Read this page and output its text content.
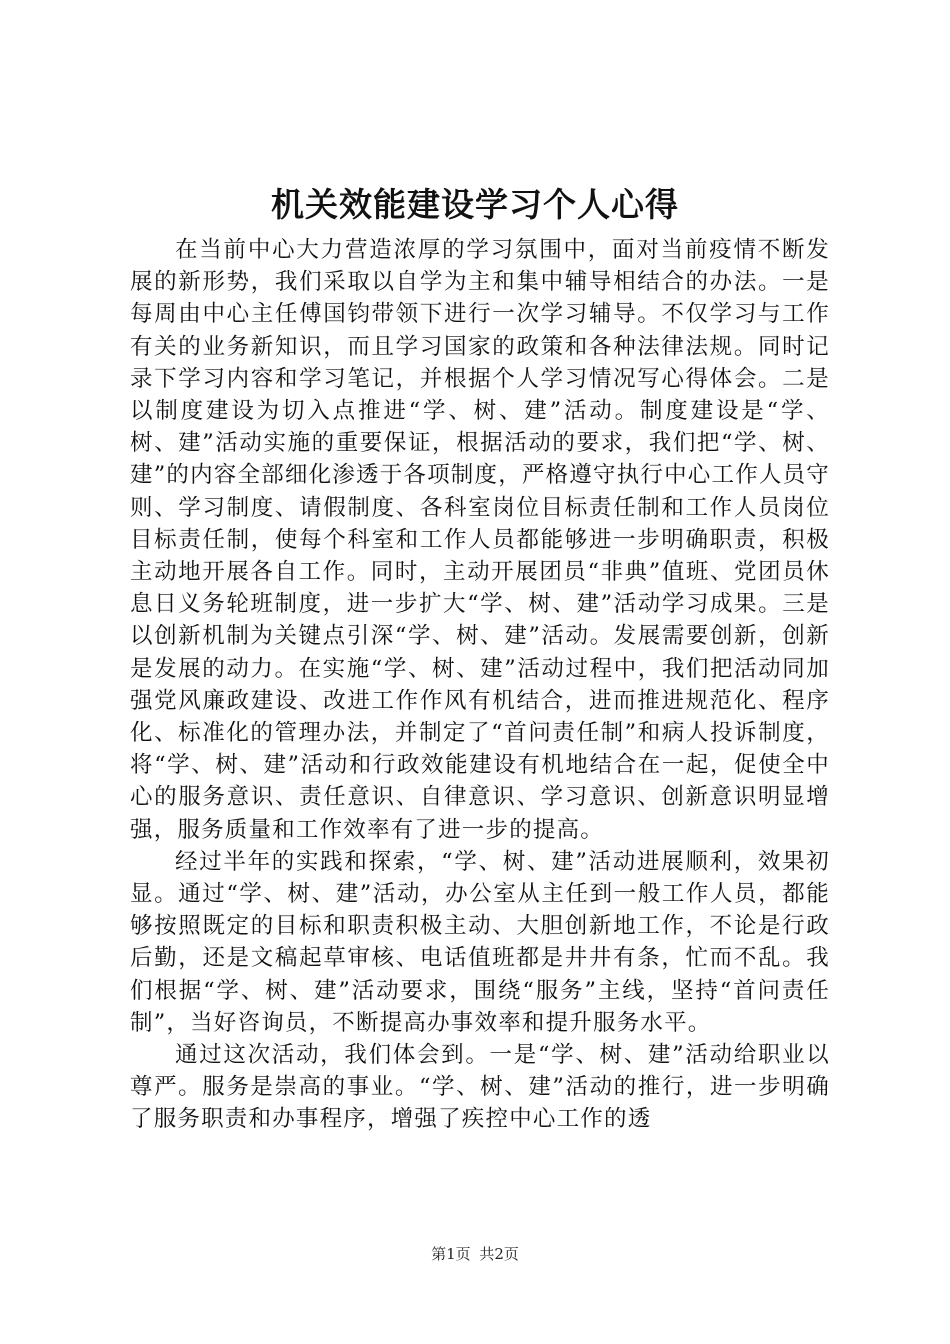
机关效能建设学习个人心得

在当前中心大力营造浓厚的学习氛围中，面对当前疫情不断发展的新形势，我们采取以自学为主和集中辅导相结合的办法。一是每周由中心主任傅国钧带领下进行一次学习辅导。不仅学习与工作有关的业务新知识，而且学习国家的政策和各种法律法规。同时记录下学习内容和学习笔记，并根据个人学习情况写心得体会。二是以制度建设为切入点推进“学、树、建”活动。制度建设是“学、树、建”活动实施的重要保证，根据活动的要求，我们把“学、树、建”的内容全部细化渗透于各项制度，严格遵守执行中心工作人员守则、学习制度、请假制度、各科室岗位目标责任制和工作人员岗位目标责任制，使每个科室和工作人员都能够进一步明确职责，积极主动地开展各自工作。同时，主动开展团员“非典”值班、党团员休息日义务轮班制度，进一步扩大“学、树、建”活动学习成果。三是以创新机制为关键点引深“学、树、建”活动。发展需要创新，创新是发展的动力。在实施“学、树、建”活动过程中，我们把活动同加强党风廉政建设、改进工作作风有机结合，进而推进规范化、程序化、标准化的管理办法，并制定了“首问责任制”和病人投诉制度，将“学、树、建”活动和行政效能建设有机地结合在一起，促使全中心的服务意识、责任意识、自律意识、学习意识、创新意识明显增强，服务质量和工作效率有了进一步的提高。

经过半年的实践和探索，“学、树、建”活动进展顺利，效果初显。通过“学、树、建”活动，办公室从主任到一般工作人员，都能够按照既定的目标和职责积极主动、大胆创新地工作，不论是行政后勤，还是文稿起草审核、电话值班都是井井有条，忙而不乱。我们根据“学、树、建”活动要求，围绕“服务”主线，坚持“首问责任制”，当好咨询员，不断提高办事效率和提升服务水平。

通过这次活动，我们体会到。一是“学、树、建”活动给职业以尊严。服务是崇高的事业。“学、树、建”活动的推行，进一步明确了服务职责和办事程序，增强了疾控中心工作的透

第1页 共2页
